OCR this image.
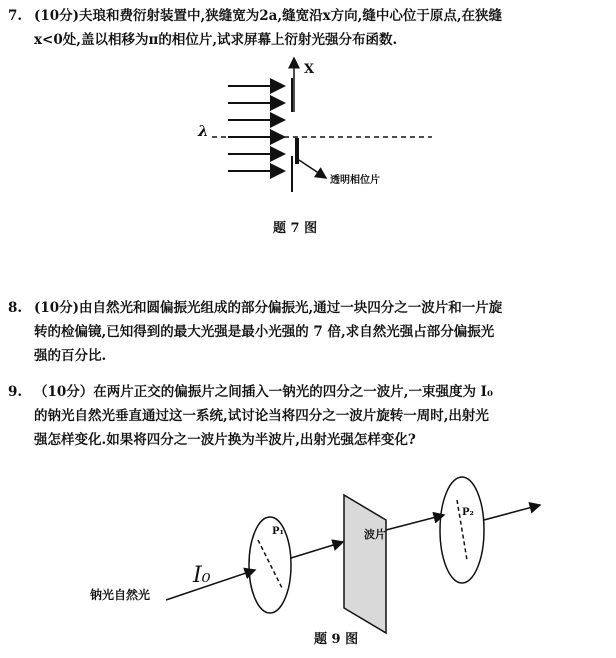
7. (10分)夫琅和费衍射装置中,狭缝宽为2a,缝宽沿x方向,缝中心位于原点,在狭缝
x<0处,盖以相移为π的相位片,试求屏幕上衍射光强分布函数.
X
λ
透明相位片
题 7 图
8. (10分)由自然光和圆偏振光组成的部分偏振光,通过一块四分之一波片和一片旋
转的检偏镜,已知得到的最大光强是最小光强的 7 倍,求自然光强占部分偏振光
强的百分比.
9. （10分）在两片正交的偏振片之间插入一钠光的四分之一波片,一束强度为 I₀
的钠光自然光垂直通过这一系统,试讨论当将四分之一波片旋转一周时,出射光
强怎样变化.如果将四分之一波片换为半波片,出射光强怎样变化?
P₁
P₂
波片
I₀
钠光自然光
题 9 图
